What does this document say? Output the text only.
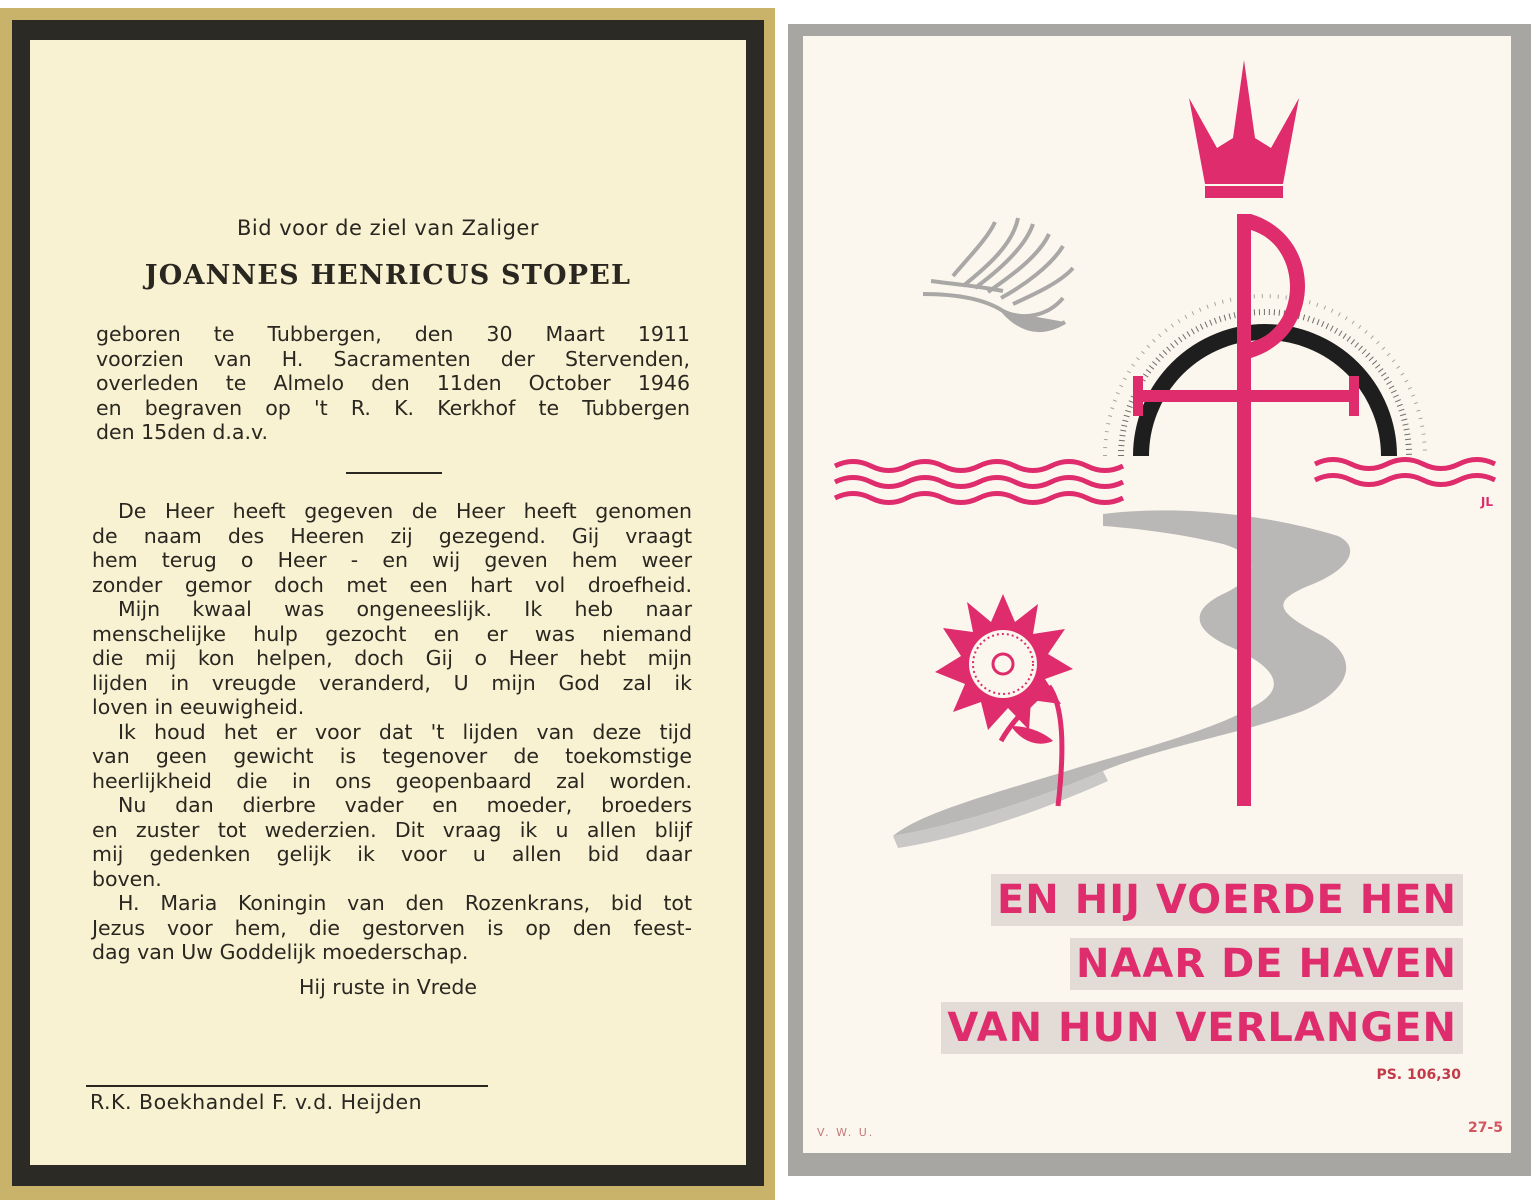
Bid voor de ziel van Zaliger
JOANNES HENRICUS STOPEL
geboren te Tubbergen, den 30 Maart 1911
voorzien van H. Sacramenten der Stervenden,
overleden te Almelo den 11den October 1946
en begraven op 't R. K. Kerkhof te Tubbergen
den 15den d.a.v.
De Heer heeft gegeven de Heer heeft genomen
de naam des Heeren zij gezegend. Gij vraagt
hem terug o Heer - en wij geven hem weer
zonder gemor doch met een hart vol droefheid.
Mijn kwaal was ongeneeslijk. Ik heb naar
menschelijke hulp gezocht en er was niemand
die mij kon helpen, doch Gij o Heer hebt mijn
lijden in vreugde veranderd, U mijn God zal ik
loven in eeuwigheid.
Ik houd het er voor dat 't lijden van deze tijd
van geen gewicht is tegenover de toekomstige
heerlijkheid die in ons geopenbaard zal worden.
Nu dan dierbre vader en moeder, broeders
en zuster tot wederzien. Dit vraag ik u allen blijf
mij gedenken gelijk ik voor u allen bid daar
boven.
H. Maria Koningin van den Rozenkrans, bid tot
Jezus voor hem, die gestorven is op den feest-
dag van Uw Goddelijk moederschap.
Hij ruste in Vrede
R.K. Boekhandel F. v.d. Heijden
JL
EN HIJ VOERDE HEN
NAAR DE HAVEN
VAN HUN VERLANGEN
PS. 106,30
V. W. U.	27-5
